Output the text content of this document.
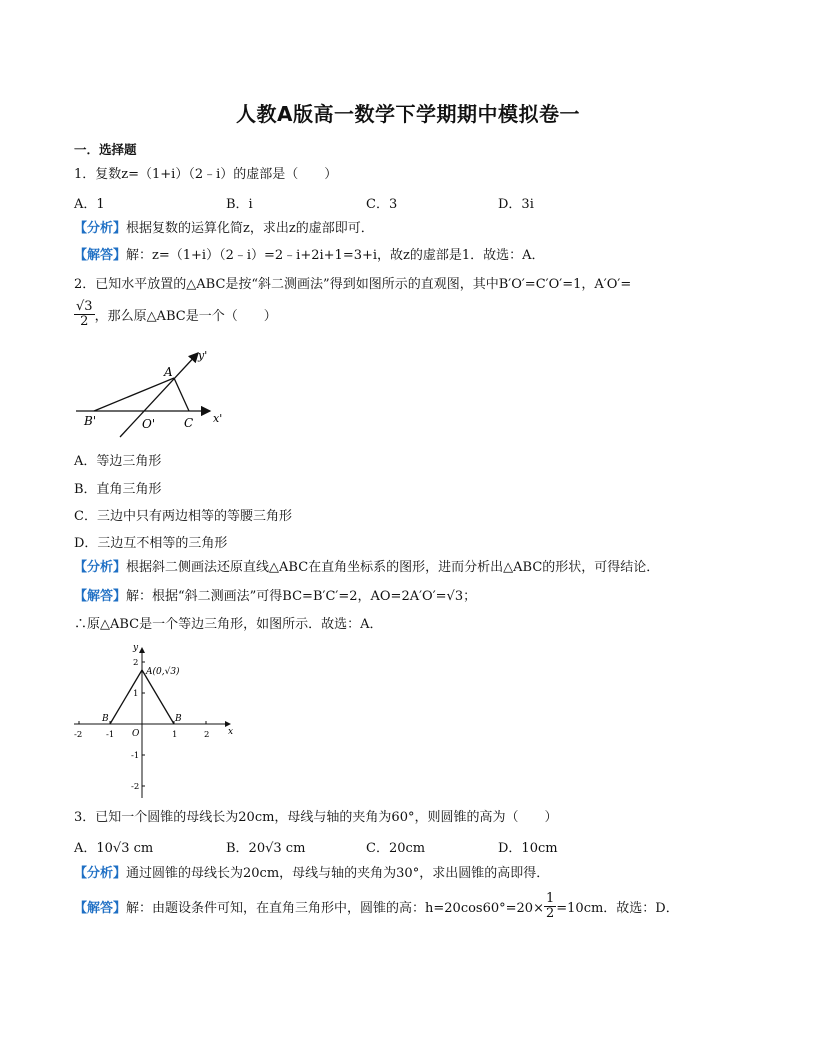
人教A版高一数学下学期期中模拟卷一
一．选择题
1．复数z=（1+i）（2﹣i）的虚部是（　　）
A．1	B．i	C．3	D．3i
【分析】根据复数的运算化简z，求出z的虚部即可．
【解答】解：z=（1+i）（2﹣i）=2﹣i+2i+1=3+i，故z的虚部是1．故选：A．
2．已知水平放置的△ABC是按“斜二测画法”得到如图所示的直观图，其中B′O′=C′O′=1，A′O′=
$\frac{√3}{2}$ ，那么原△ABC是一个（　　）
A
B'	O' C x'
y'
A．等边三角形
B．直角三角形
C．三边中只有两边相等的等腰三角形
D．三边互不相等的三角形
【分析】根据斜二侧画法还原直线△ABC在直角坐标系的图形，进而分析出△ABC的形状，可得结论．
【解答】解：根据“斜二测画法”可得BC=B′C′=2，AO=2A′O′=√3；
∴原△ABC是一个等边三角形，如图所示．故选：A．
A(0,√3)
B	B
O	x
y
-2	-1	1	2
2
1
-1
-2
3．已知一个圆锥的母线长为20cm，母线与轴的夹角为60°，则圆锥的高为（　　）
A．10√3 cm	B．20√3 cm	C．20cm	D．10cm
【分析】通过圆锥的母线长为20cm，母线与轴的夹角为30°，求出圆锥的高即得．
【解答】解：由题设条件可知，在直角三角形中，圆锥的高：$h=20\cos 60^\circ=20\times \frac{1}{2} =10cm$．故选：D．
